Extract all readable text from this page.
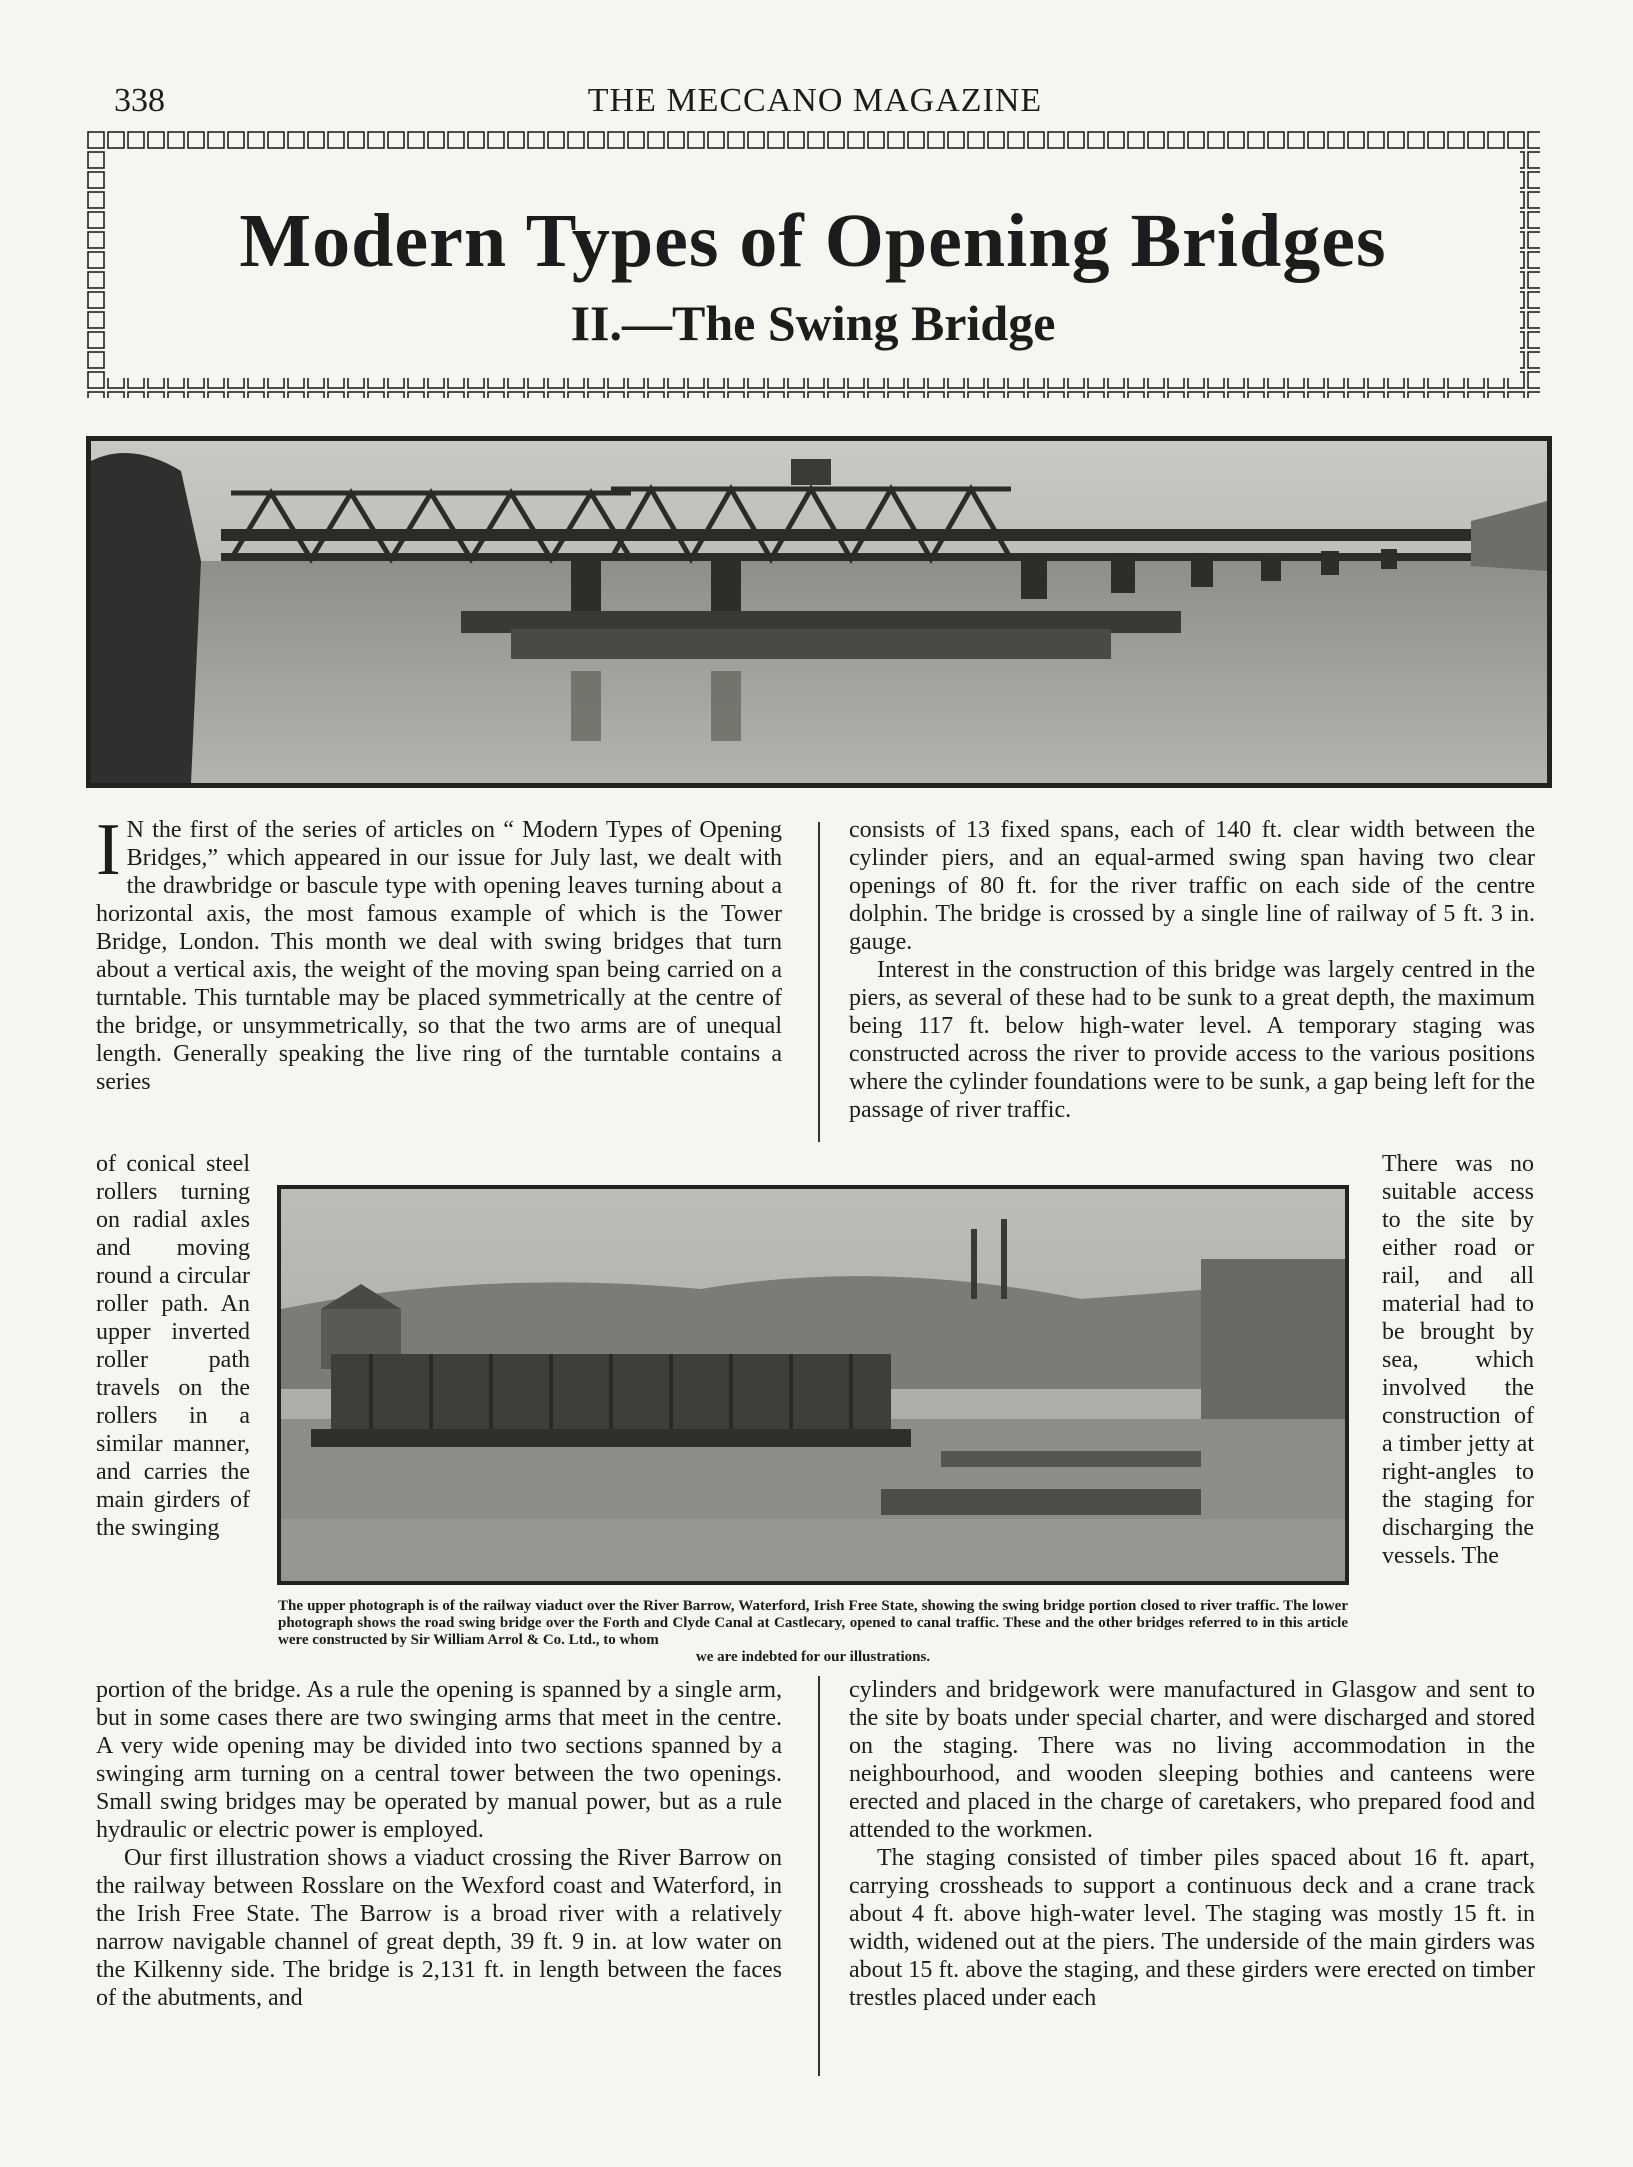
338	THE MECCANO MAGAZINE
Modern Types of Opening Bridges
II.—The Swing Bridge
I N the first of the series of articles on “ Modern Types of Opening Bridges,” which appeared in our issue for July last, we dealt with the drawbridge or bascule type with opening leaves turning about a horizontal axis, the most famous example of which is the Tower Bridge, London. This month we deal with swing bridges that turn about a vertical axis, the weight of the moving span being carried on a turntable. This turntable may be placed symmetrically at the centre of the bridge, or unsymmetrically, so that the two arms are of unequal length. Generally speaking the live ring of the turntable contains a series

consists of 13 fixed spans, each of 140 ft. clear width between the cylinder piers, and an equal-armed swing span having two clear openings of 80 ft. for the river traffic on each side of the centre dolphin. The bridge is crossed by a single line of railway of 5 ft. 3 in. gauge.

Interest in the construction of this bridge was largely centred in the piers, as several of these had to be sunk to a great depth, the maximum being 117 ft. below high-water level. A temporary staging was constructed across the river to provide access to the various positions where the cylinder foundations were to be sunk, a gap being left for the passage of river traffic.

of conical steel rollers turning on radial axles and moving round a circular roller path. An upper inverted roller path travels on the rollers in a similar manner, and carries the main girders of the swinging
The upper photograph is of the railway viaduct over the River Barrow, Waterford, Irish Free State, showing the swing bridge portion closed to river traffic. The lower photograph shows the road swing bridge over the Forth and Clyde Canal at Castlecary, opened to canal traffic. These and the other bridges referred to in this article were constructed by Sir William Arrol & Co. Ltd., to whom
we are indebted for our illustrations.
There was no suitable access to the site by either road or rail, and all material had to be brought by sea, which involved the construction of a timber jetty at right-angles to the staging for discharging the vessels. The

portion of the bridge. As a rule the opening is spanned by a single arm, but in some cases there are two swinging arms that meet in the centre. A very wide opening may be divided into two sections spanned by a swinging arm turning on a central tower between the two openings. Small swing bridges may be operated by manual power, but as a rule hydraulic or electric power is employed.

Our first illustration shows a viaduct crossing the River Barrow on the railway between Rosslare on the Wexford coast and Waterford, in the Irish Free State. The Barrow is a broad river with a relatively narrow navigable channel of great depth, 39 ft. 9 in. at low water on the Kilkenny side. The bridge is 2,131 ft. in length between the faces of the abutments, and

cylinders and bridgework were manufactured in Glasgow and sent to the site by boats under special charter, and were discharged and stored on the staging. There was no living accommodation in the neighbourhood, and wooden sleeping bothies and canteens were erected and placed in the charge of caretakers, who prepared food and attended to the workmen.

The staging consisted of timber piles spaced about 16 ft. apart, carrying crossheads to support a continuous deck and a crane track about 4 ft. above high-water level. The staging was mostly 15 ft. in width, widened out at the piers. The underside of the main girders was about 15 ft. above the staging, and these girders were erected on timber trestles placed under each
